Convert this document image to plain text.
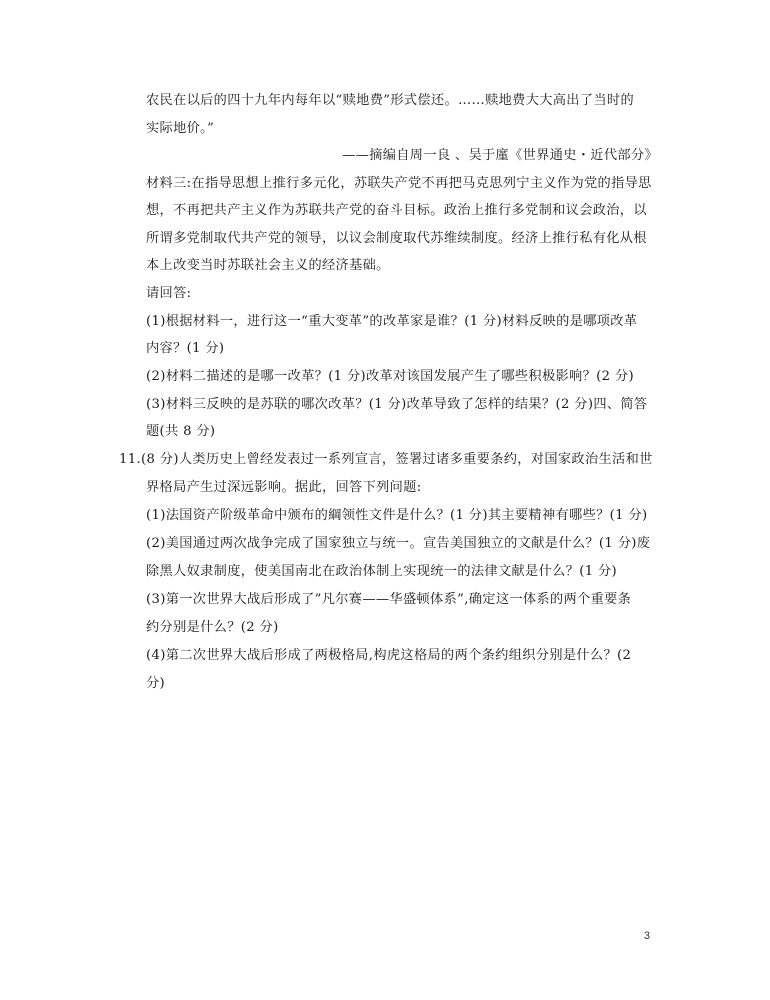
农民在以后的四十九年内每年以“赎地费”形式偿还。……赎地费大大高出了当时的
实际地价。”
——摘编自周一良 、吴于廑《世界通史・近代部分》
材料三:在指导思想上推行多元化，苏联失产党不再把马克思列宁主义作为党的指导思
想，不再把共产主义作为苏联共产党的奋斗目标。政治上推行多党制和议会政治，以
所谓多党制取代共产党的领导，以议会制度取代苏维续制度。经济上推行私有化从根
本上改变当时苏联社会主义的经济基础。
请回答:
(1)根据材料一，进行这一“重大变革”的改革家是谁？(1 分)材料反映的是哪项改革
内容？(1 分)
(2)材料二描述的是哪一改革？(1 分)改革对该国发展产生了哪些积极影响？(2 分)
(3)材料三反映的是苏联的哪次改革？(1 分)改革导致了怎样的结果？(2 分)四、简答
题(共 8 分)
11.(8 分)人类历史上曾经发表过一系列宣言，签署过诸多重要条约，对国家政治生活和世
界格局产生过深远影响。据此，回答下列问题:
(1)法国资产阶级革命中颁布的綱领性文件是什么？(1 分)其主要精神有哪些？(1 分)
(2)美国通过两次战争完成了国家独立与统一。宣告美国独立的文献是什么？(1 分)废
除黑人奴隶制度，使美国南北在政治体制上实现统一的法律文献是什么？(1 分)
(3)第一次世界大战后形成了”凡尔赛——华盛顿体系”,确定这一体系的两个重要条
约分别是什么？(2 分)
(4)第二次世界大战后形成了两极格局,构虎这格局的两个条约组织分别是什么？(2
分)
3
